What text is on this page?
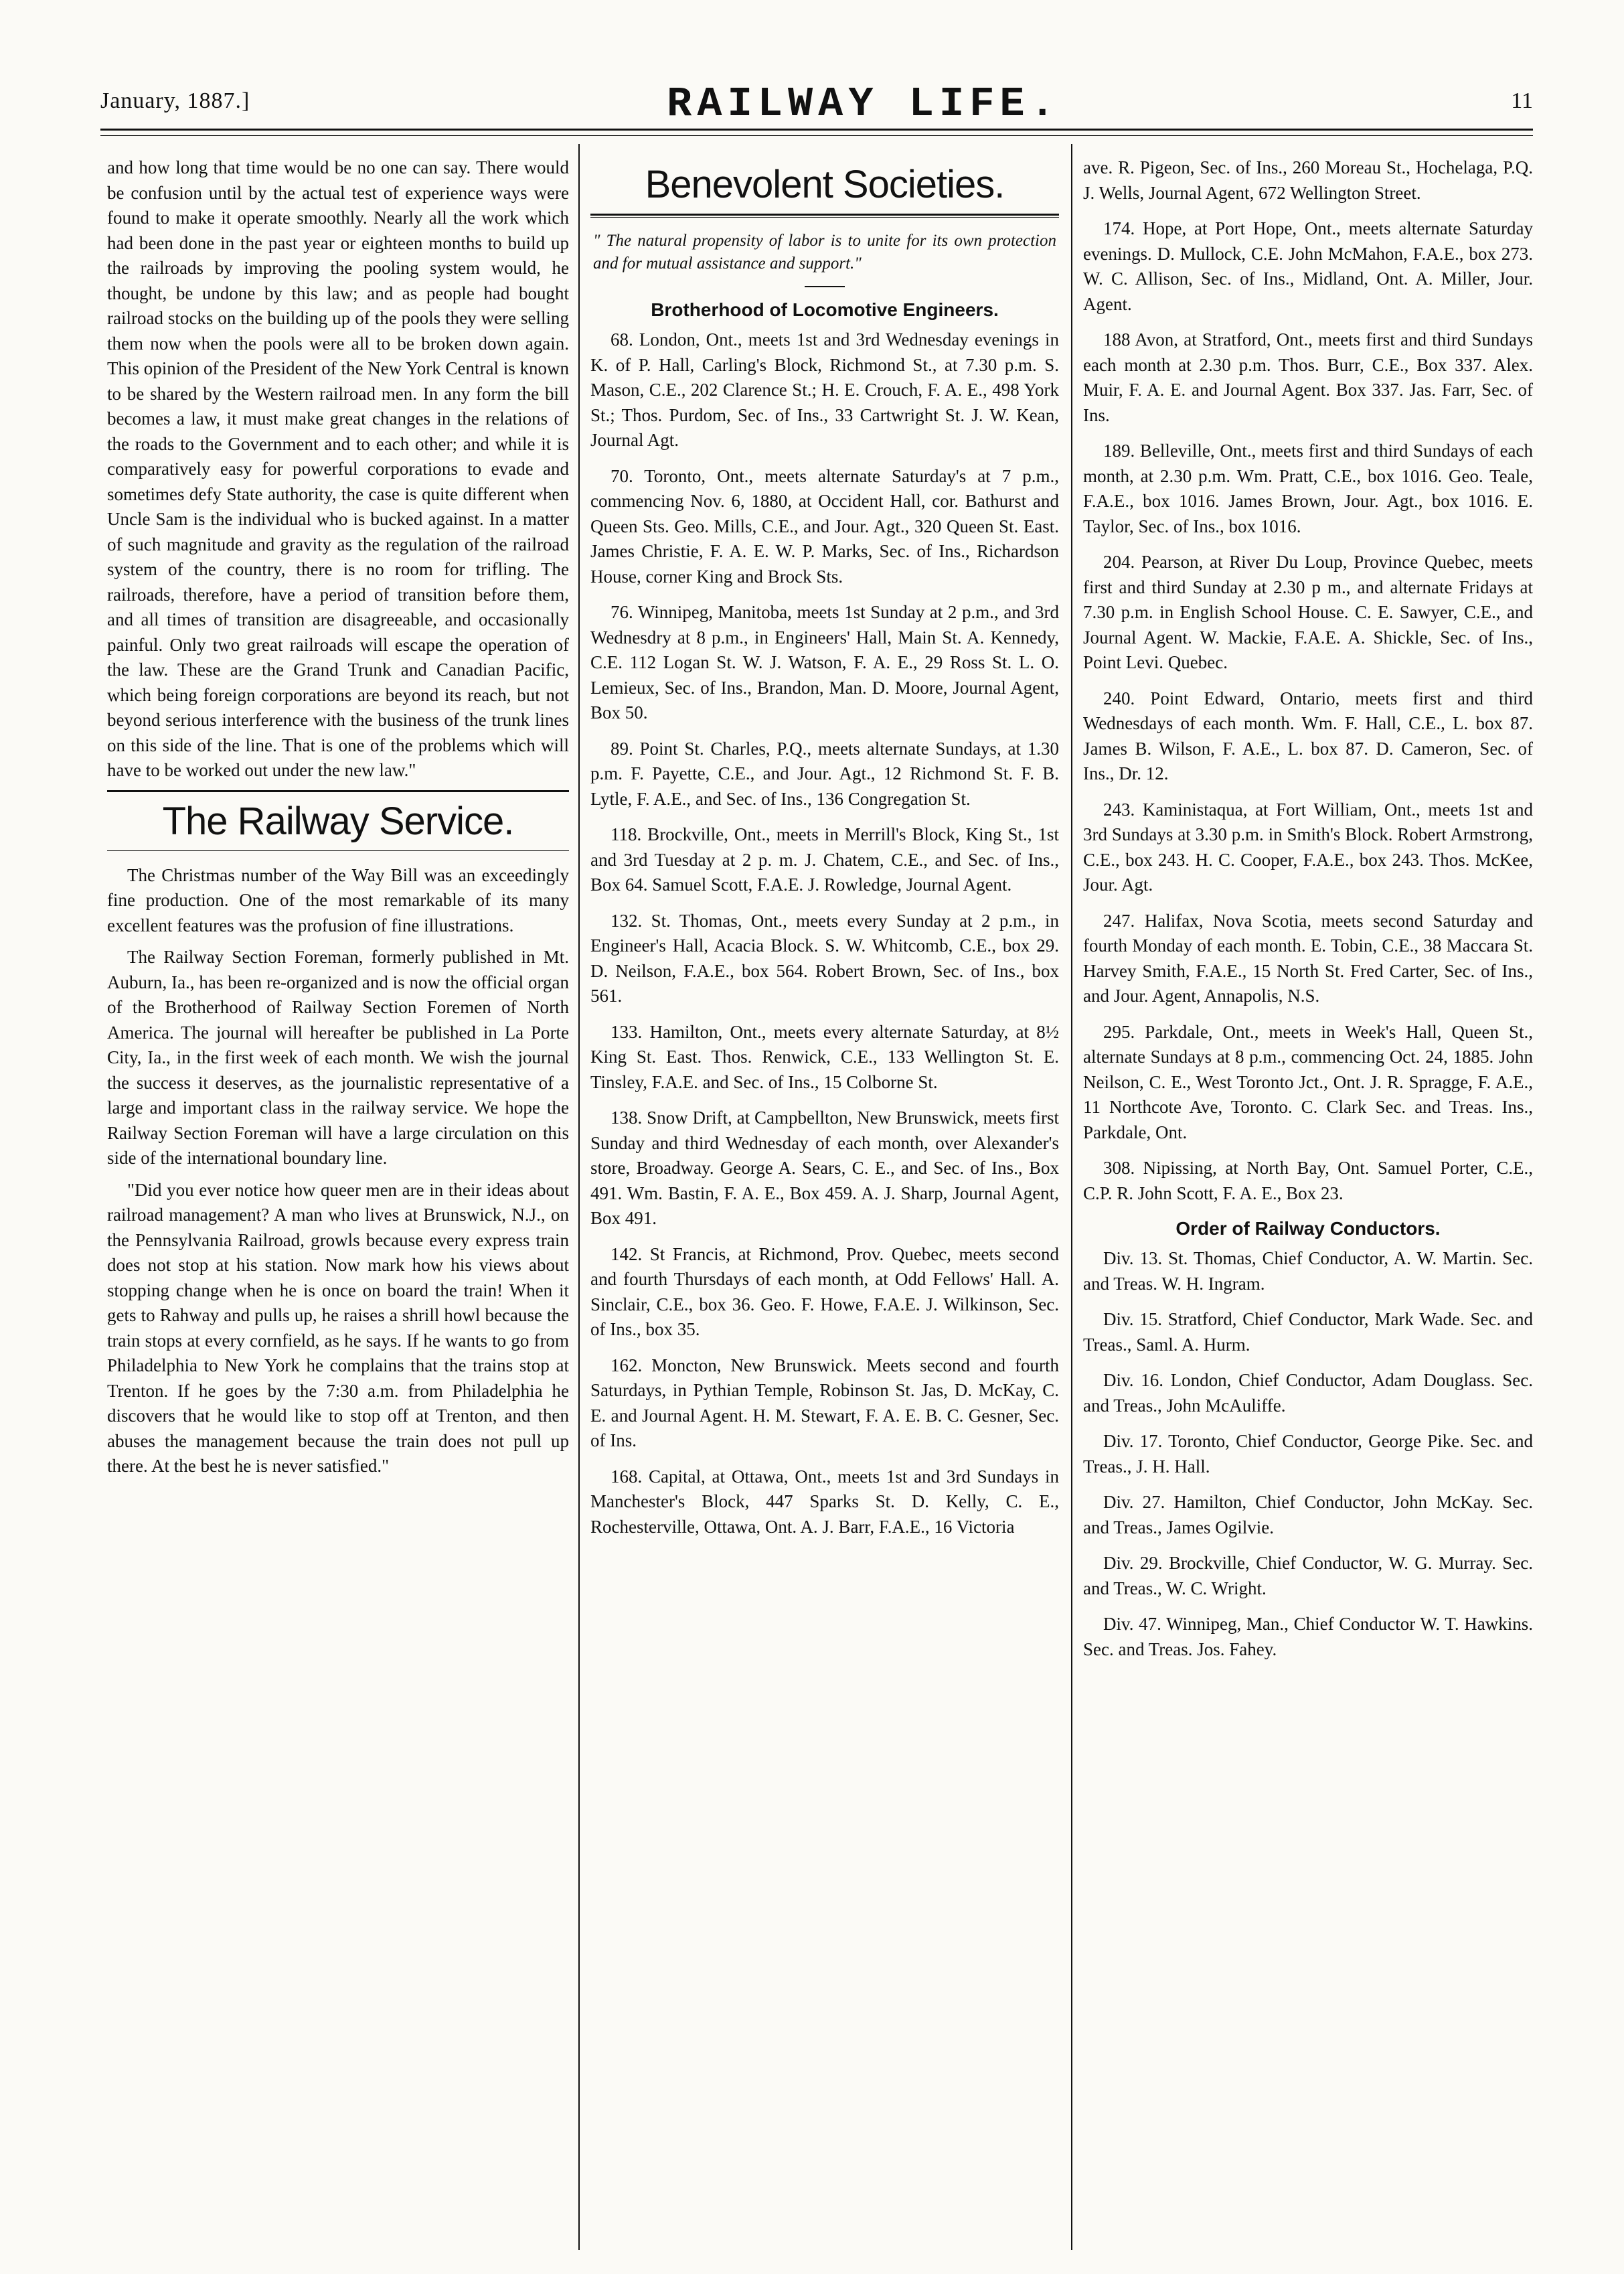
January, 1887.]	RAILWAY LIFE.	11

and how long that time would be no one can say. There would be confusion until by the actual test of experience ways were found to make it operate smoothly. Nearly all the work which had been done in the past year or eighteen months to build up the railroads by improving the pooling system would, he thought, be undone by this law; and as people had bought railroad stocks on the building up of the pools they were selling them now when the pools were all to be broken down again. This opinion of the President of the New York Central is known to be shared by the Western railroad men. In any form the bill becomes a law, it must make great changes in the relations of the roads to the Government and to each other; and while it is comparatively easy for powerful corporations to evade and sometimes defy State authority, the case is quite different when Uncle Sam is the individual who is bucked against. In a matter of such magnitude and gravity as the regulation of the railroad system of the country, there is no room for trifling. The railroads, therefore, have a period of transition before them, and all times of transition are disagreeable, and occasionally painful. Only two great railroads will escape the operation of the law. These are the Grand Trunk and Canadian Pacific, which being foreign corporations are beyond its reach, but not beyond serious interference with the business of the trunk lines on this side of the line. That is one of the problems which will have to be worked out under the new law."

The Railway Service.

The Christmas number of the Way Bill was an exceedingly fine production. One of the most remarkable of its many excellent features was the profusion of fine illustrations.

The Railway Section Foreman, formerly published in Mt. Auburn, Ia., has been re-organized and is now the official organ of the Brotherhood of Railway Section Foremen of North America. The journal will hereafter be published in La Porte City, Ia., in the first week of each month. We wish the journal the success it deserves, as the journalistic representative of a large and important class in the railway service. We hope the Railway Section Foreman will have a large circulation on this side of the international boundary line.

"Did you ever notice how queer men are in their ideas about railroad management? A man who lives at Brunswick, N.J., on the Pennsylvania Railroad, growls because every express train does not stop at his station. Now mark how his views about stopping change when he is once on board the train! When it gets to Rahway and pulls up, he raises a shrill howl because the train stops at every cornfield, as he says. If he wants to go from Philadelphia to New York he complains that the trains stop at Trenton. If he goes by the 7:30 a.m. from Philadelphia he discovers that he would like to stop off at Trenton, and then abuses the management because the train does not pull up there. At the best he is never satisfied."

Benevolent Societies.

" The natural propensity of labor is to unite for its own protection and for mutual assistance and support."

Brotherhood of Locomotive Engineers.

68. London, Ont., meets 1st and 3rd Wednesday evenings in K. of P. Hall, Carling's Block, Richmond St., at 7.30 p.m. S. Mason, C.E., 202 Clarence St.; H. E. Crouch, F. A. E., 498 York St.; Thos. Purdom, Sec. of Ins., 33 Cartwright St. J. W. Kean, Journal Agt.

70. Toronto, Ont., meets alternate Saturday's at 7 p.m., commencing Nov. 6, 1880, at Occident Hall, cor. Bathurst and Queen Sts. Geo. Mills, C.E., and Jour. Agt., 320 Queen St. East. James Christie, F. A. E. W. P. Marks, Sec. of Ins., Richardson House, corner King and Brock Sts.

76. Winnipeg, Manitoba, meets 1st Sunday at 2 p.m., and 3rd Wednesdry at 8 p.m., in Engineers' Hall, Main St. A. Kennedy, C.E. 112 Logan St. W. J. Watson, F. A. E., 29 Ross St. L. O. Lemieux, Sec. of Ins., Brandon, Man. D. Moore, Journal Agent, Box 50.

89. Point St. Charles, P.Q., meets alternate Sundays, at 1.30 p.m. F. Payette, C.E., and Jour. Agt., 12 Richmond St. F. B. Lytle, F. A.E., and Sec. of Ins., 136 Congregation St.

118. Brockville, Ont., meets in Merrill's Block, King St., 1st and 3rd Tuesday at 2 p. m. J. Chatem, C.E., and Sec. of Ins., Box 64. Samuel Scott, F.A.E. J. Rowledge, Journal Agent.

132. St. Thomas, Ont., meets every Sunday at 2 p.m., in Engineer's Hall, Acacia Block. S. W. Whitcomb, C.E., box 29. D. Neilson, F.A.E., box 564. Robert Brown, Sec. of Ins., box 561.

133. Hamilton, Ont., meets every alternate Saturday, at 8½ King St. East. Thos. Renwick, C.E., 133 Wellington St. E. Tinsley, F.A.E. and Sec. of Ins., 15 Colborne St.

138. Snow Drift, at Campbellton, New Brunswick, meets first Sunday and third Wednesday of each month, over Alexander's store, Broadway. George A. Sears, C. E., and Sec. of Ins., Box 491. Wm. Bastin, F. A. E., Box 459. A. J. Sharp, Journal Agent, Box 491.

142. St Francis, at Richmond, Prov. Quebec, meets second and fourth Thursdays of each month, at Odd Fellows' Hall. A. Sinclair, C.E., box 36. Geo. F. Howe, F.A.E. J. Wilkinson, Sec. of Ins., box 35.

162. Moncton, New Brunswick. Meets second and fourth Saturdays, in Pythian Temple, Robinson St. Jas, D. McKay, C. E. and Journal Agent. H. M. Stewart, F. A. E. B. C. Gesner, Sec. of Ins.

168. Capital, at Ottawa, Ont., meets 1st and 3rd Sundays in Manchester's Block, 447 Sparks St. D. Kelly, C. E., Rochesterville, Ottawa, Ont. A. J. Barr, F.A.E., 16 Victoria

ave. R. Pigeon, Sec. of Ins., 260 Moreau St., Hochelaga, P.Q. J. Wells, Journal Agent, 672 Wellington Street.

174. Hope, at Port Hope, Ont., meets alternate Saturday evenings. D. Mullock, C.E. John McMahon, F.A.E., box 273. W. C. Allison, Sec. of Ins., Midland, Ont. A. Miller, Jour. Agent.

188 Avon, at Stratford, Ont., meets first and third Sundays each month at 2.30 p.m. Thos. Burr, C.E., Box 337. Alex. Muir, F. A. E. and Journal Agent. Box 337. Jas. Farr, Sec. of Ins.

189. Belleville, Ont., meets first and third Sundays of each month, at 2.30 p.m. Wm. Pratt, C.E., box 1016. Geo. Teale, F.A.E., box 1016. James Brown, Jour. Agt., box 1016. E. Taylor, Sec. of Ins., box 1016.

204. Pearson, at River Du Loup, Province Quebec, meets first and third Sunday at 2.30 p m., and alternate Fridays at 7.30 p.m. in English School House. C. E. Sawyer, C.E., and Journal Agent. W. Mackie, F.A.E. A. Shickle, Sec. of Ins., Point Levi. Quebec.

240. Point Edward, Ontario, meets first and third Wednesdays of each month. Wm. F. Hall, C.E., L. box 87. James B. Wilson, F. A.E., L. box 87. D. Cameron, Sec. of Ins., Dr. 12.

243. Kaministaqua, at Fort William, Ont., meets 1st and 3rd Sundays at 3.30 p.m. in Smith's Block. Robert Armstrong, C.E., box 243. H. C. Cooper, F.A.E., box 243. Thos. McKee, Jour. Agt.

247. Halifax, Nova Scotia, meets second Saturday and fourth Monday of each month. E. Tobin, C.E., 38 Maccara St. Harvey Smith, F.A.E., 15 North St. Fred Carter, Sec. of Ins., and Jour. Agent, Annapolis, N.S.

295. Parkdale, Ont., meets in Week's Hall, Queen St., alternate Sundays at 8 p.m., commencing Oct. 24, 1885. John Neilson, C. E., West Toronto Jct., Ont. J. R. Spragge, F. A.E., 11 Northcote Ave, Toronto. C. Clark Sec. and Treas. Ins., Parkdale, Ont.

308. Nipissing, at North Bay, Ont. Samuel Porter, C.E., C.P. R. John Scott, F. A. E., Box 23.

Order of Railway Conductors.

Div. 13. St. Thomas, Chief Conductor, A. W. Martin. Sec. and Treas. W. H. Ingram.

Div. 15. Stratford, Chief Conductor, Mark Wade. Sec. and Treas., Saml. A. Hurm.

Div. 16. London, Chief Conductor, Adam Douglass. Sec. and Treas., John McAuliffe.

Div. 17. Toronto, Chief Conductor, George Pike. Sec. and Treas., J. H. Hall.

Div. 27. Hamilton, Chief Conductor, John McKay. Sec. and Treas., James Ogilvie.

Div. 29. Brockville, Chief Conductor, W. G. Murray. Sec. and Treas., W. C. Wright.

Div. 47. Winnipeg, Man., Chief Conductor W. T. Hawkins. Sec. and Treas. Jos. Fahey.
